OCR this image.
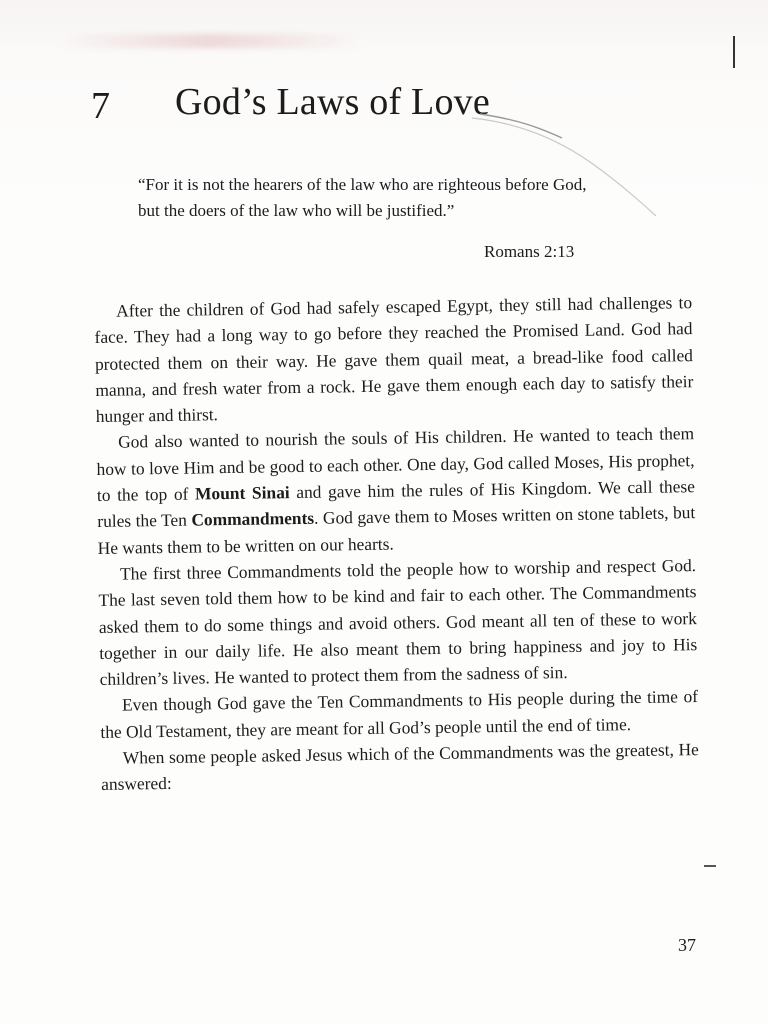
7 God’s Laws of Love
“For it is not the hearers of the law who are righteous before God, but the doers of the law who will be justified.”
Romans 2:13

After the children of God had safely escaped Egypt, they still had challenges to face. They had a long way to go before they reached the Promised Land. God had protected them on their way. He gave them quail meat, a bread-like food called manna, and fresh water from a rock. He gave them enough each day to satisfy their hunger and thirst.

God also wanted to nourish the souls of His children. He wanted to teach them how to love Him and be good to each other. One day, God called Moses, His prophet, to the top of Mount Sinai and gave him the rules of His Kingdom. We call these rules the Ten Commandments. God gave them to Moses written on stone tablets, but He wants them to be written on our hearts.

The first three Commandments told the people how to worship and respect God. The last seven told them how to be kind and fair to each other. The Commandments asked them to do some things and avoid others. God meant all ten of these to work together in our daily life. He also meant them to bring happiness and joy to His children’s lives. He wanted to protect them from the sadness of sin.

Even though God gave the Ten Commandments to His people during the time of the Old Testament, they are meant for all God’s people until the end of time.

When some people asked Jesus which of the Commandments was the greatest, He answered:

37
